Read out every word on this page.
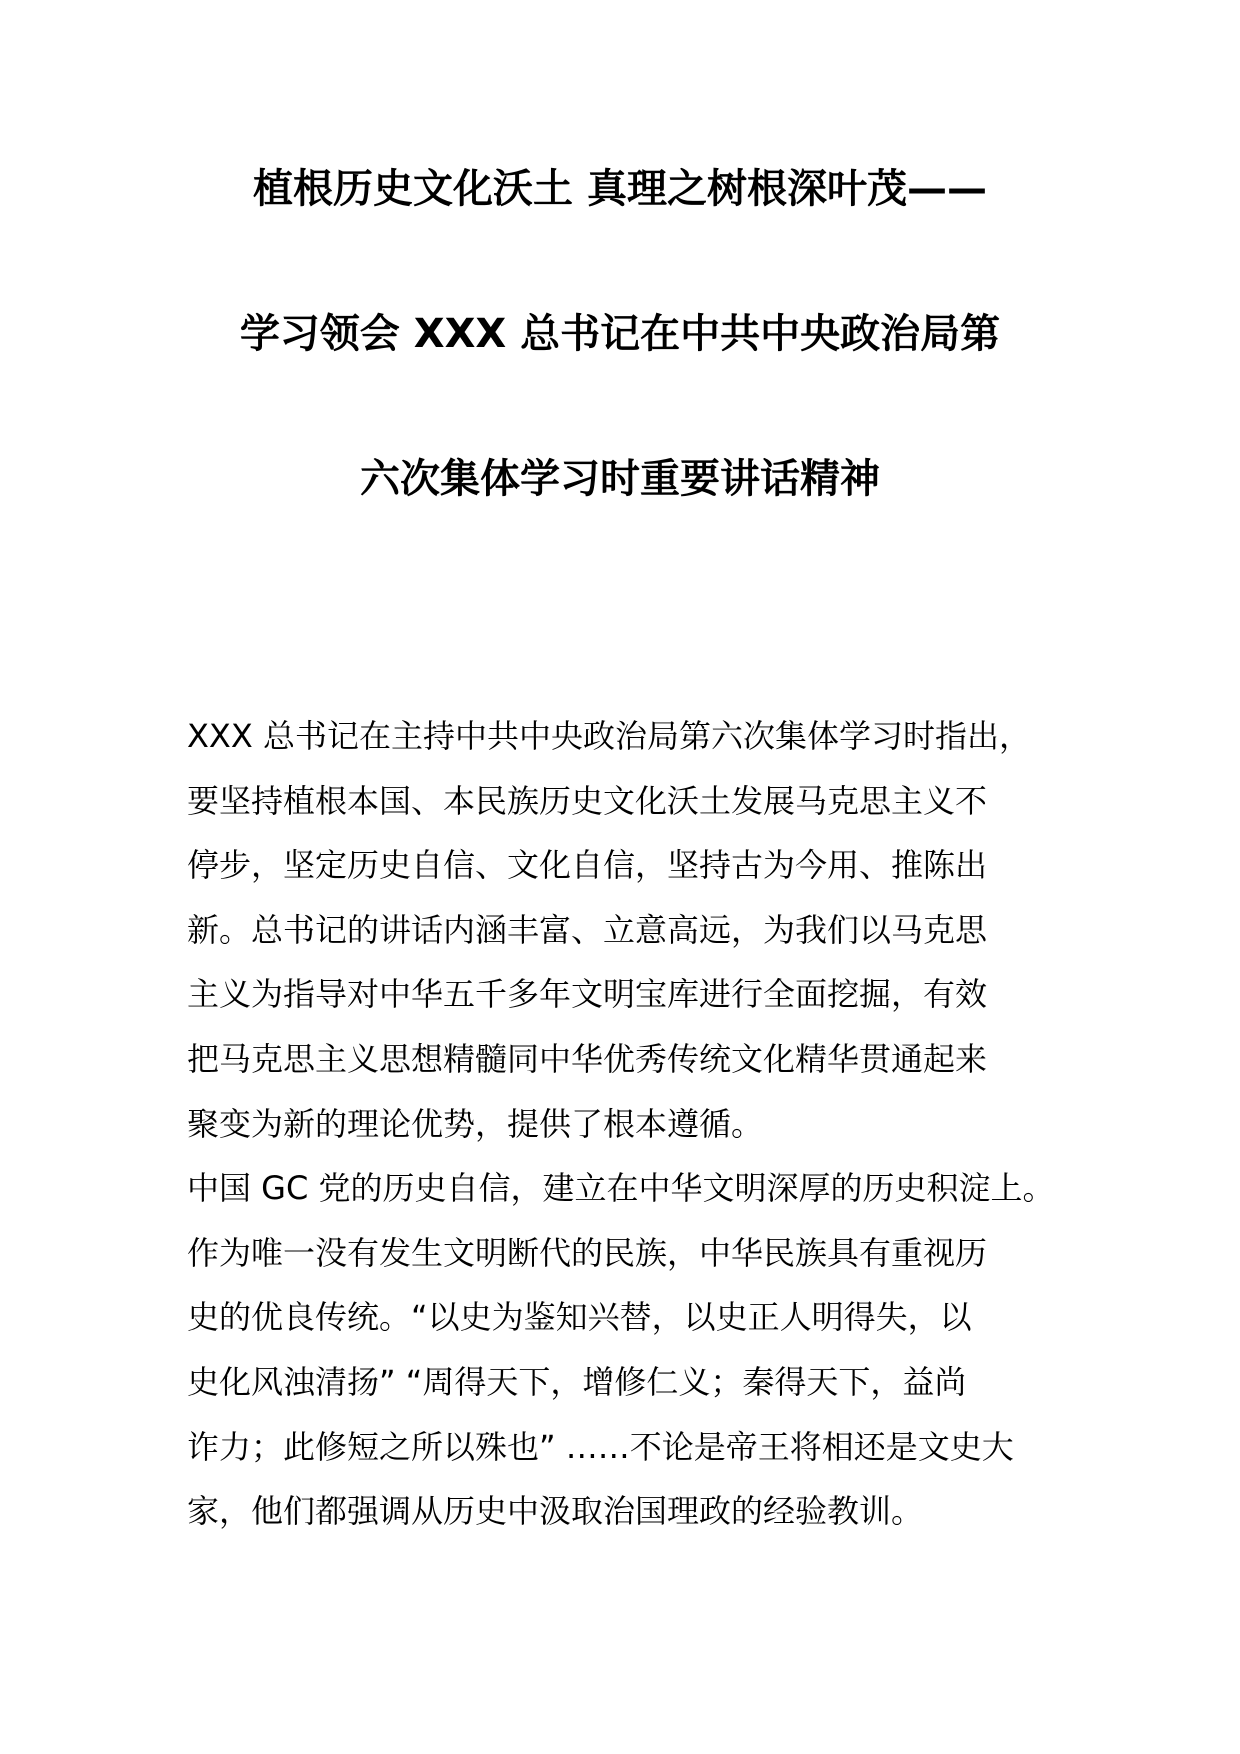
植根历史文化沃土 真理之树根深叶茂——
学习领会 XXX 总书记在中共中央政治局第
六次集体学习时重要讲话精神
XXX 总书记在主持中共中央政治局第六次集体学习时指出，
要坚持植根本国、本民族历史文化沃土发展马克思主义不
停步，坚定历史自信、文化自信，坚持古为今用、推陈出
新。总书记的讲话内涵丰富、立意高远，为我们以马克思
主义为指导对中华五千多年文明宝库进行全面挖掘，有效
把马克思主义思想精髓同中华优秀传统文化精华贯通起来
聚变为新的理论优势，提供了根本遵循。
中国 GC 党的历史自信，建立在中华文明深厚的历史积淀上。
作为唯一没有发生文明断代的民族，中华民族具有重视历
史的优良传统。“以史为鉴知兴替，以史正人明得失，以
史化风浊清扬” “周得天下，增修仁义；秦得天下，益尚
诈力；此修短之所以殊也” ……不论是帝王将相还是文史大
家，他们都强调从历史中汲取治国理政的经验教训。
